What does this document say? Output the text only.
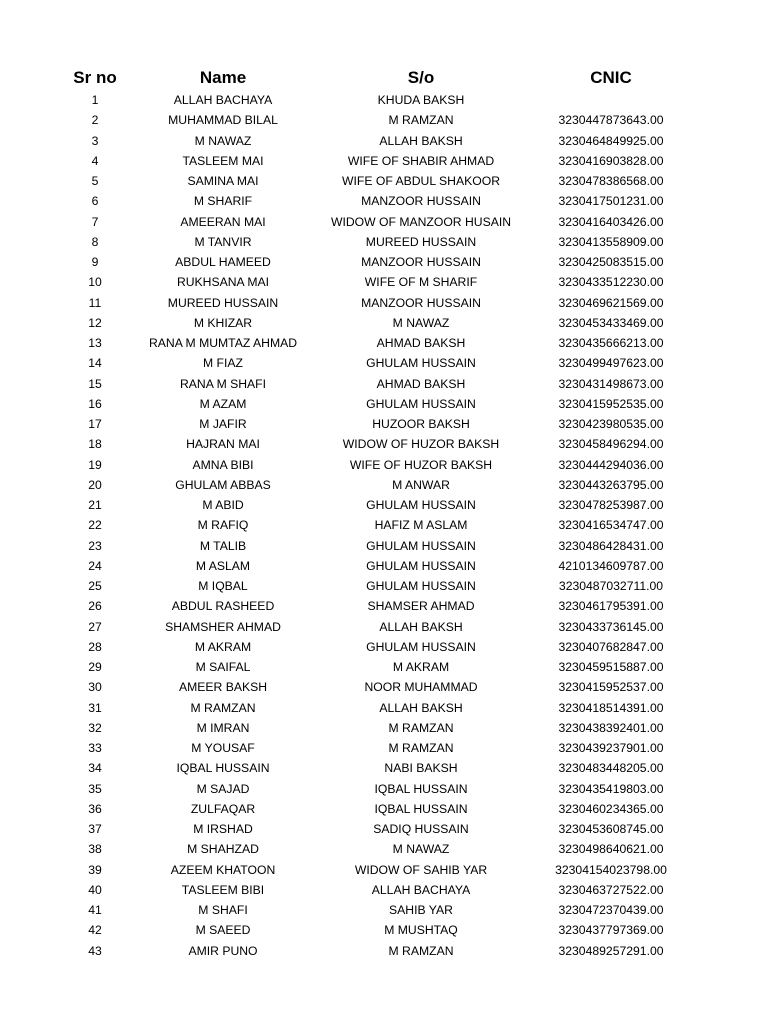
Sr no	Name	S/o	CNIC
1	ALLAH BACHAYA	KHUDA BAKSH
2	MUHAMMAD BILAL	M RAMZAN	3230447873643.00
3	M NAWAZ	ALLAH BAKSH	3230464849925.00
4	TASLEEM MAI	WIFE OF SHABIR AHMAD	3230416903828.00
5	SAMINA MAI	WIFE OF ABDUL SHAKOOR	3230478386568.00
6	M SHARIF	MANZOOR HUSSAIN	3230417501231.00
7	AMEERAN MAI	WIDOW OF MANZOOR HUSAIN	3230416403426.00
8	M TANVIR	MUREED HUSSAIN	3230413558909.00
9	ABDUL HAMEED	MANZOOR HUSSAIN	3230425083515.00
10	RUKHSANA MAI	WIFE OF M SHARIF	3230433512230.00
11	MUREED HUSSAIN	MANZOOR HUSSAIN	3230469621569.00
12	M KHIZAR	M NAWAZ	3230453433469.00
13	RANA M MUMTAZ AHMAD	AHMAD BAKSH	3230435666213.00
14	M FIAZ	GHULAM HUSSAIN	3230499497623.00
15	RANA M SHAFI	AHMAD BAKSH	3230431498673.00
16	M AZAM	GHULAM HUSSAIN	3230415952535.00
17	M JAFIR	HUZOOR BAKSH	3230423980535.00
18	HAJRAN MAI	WIDOW OF HUZOR BAKSH	3230458496294.00
19	AMNA BIBI	WIFE OF HUZOR BAKSH	3230444294036.00
20	GHULAM ABBAS	M ANWAR	3230443263795.00
21	M ABID	GHULAM HUSSAIN	3230478253987.00
22	M RAFIQ	HAFIZ M ASLAM	3230416534747.00
23	M TALIB	GHULAM HUSSAIN	3230486428431.00
24	M ASLAM	GHULAM HUSSAIN	4210134609787.00
25	M IQBAL	GHULAM HUSSAIN	3230487032711.00
26	ABDUL RASHEED	SHAMSER AHMAD	3230461795391.00
27	SHAMSHER AHMAD	ALLAH BAKSH	3230433736145.00
28	M AKRAM	GHULAM HUSSAIN	3230407682847.00
29	M SAIFAL	M AKRAM	3230459515887.00
30	AMEER BAKSH	NOOR MUHAMMAD	3230415952537.00
31	M RAMZAN	ALLAH BAKSH	3230418514391.00
32	M IMRAN	M RAMZAN	3230438392401.00
33	M YOUSAF	M RAMZAN	3230439237901.00
34	IQBAL HUSSAIN	NABI BAKSH	3230483448205.00
35	M SAJAD	IQBAL HUSSAIN	3230435419803.00
36	ZULFAQAR	IQBAL HUSSAIN	3230460234365.00
37	M IRSHAD	SADIQ HUSSAIN	3230453608745.00
38	M SHAHZAD	M NAWAZ	3230498640621.00
39	AZEEM KHATOON	WIDOW OF SAHIB YAR	32304154023798.00
40	TASLEEM BIBI	ALLAH BACHAYA	3230463727522.00
41	M SHAFI	SAHIB YAR	3230472370439.00
42	M SAEED	M MUSHTAQ	3230437797369.00
43	AMIR PUNO	M RAMZAN	3230489257291.00
